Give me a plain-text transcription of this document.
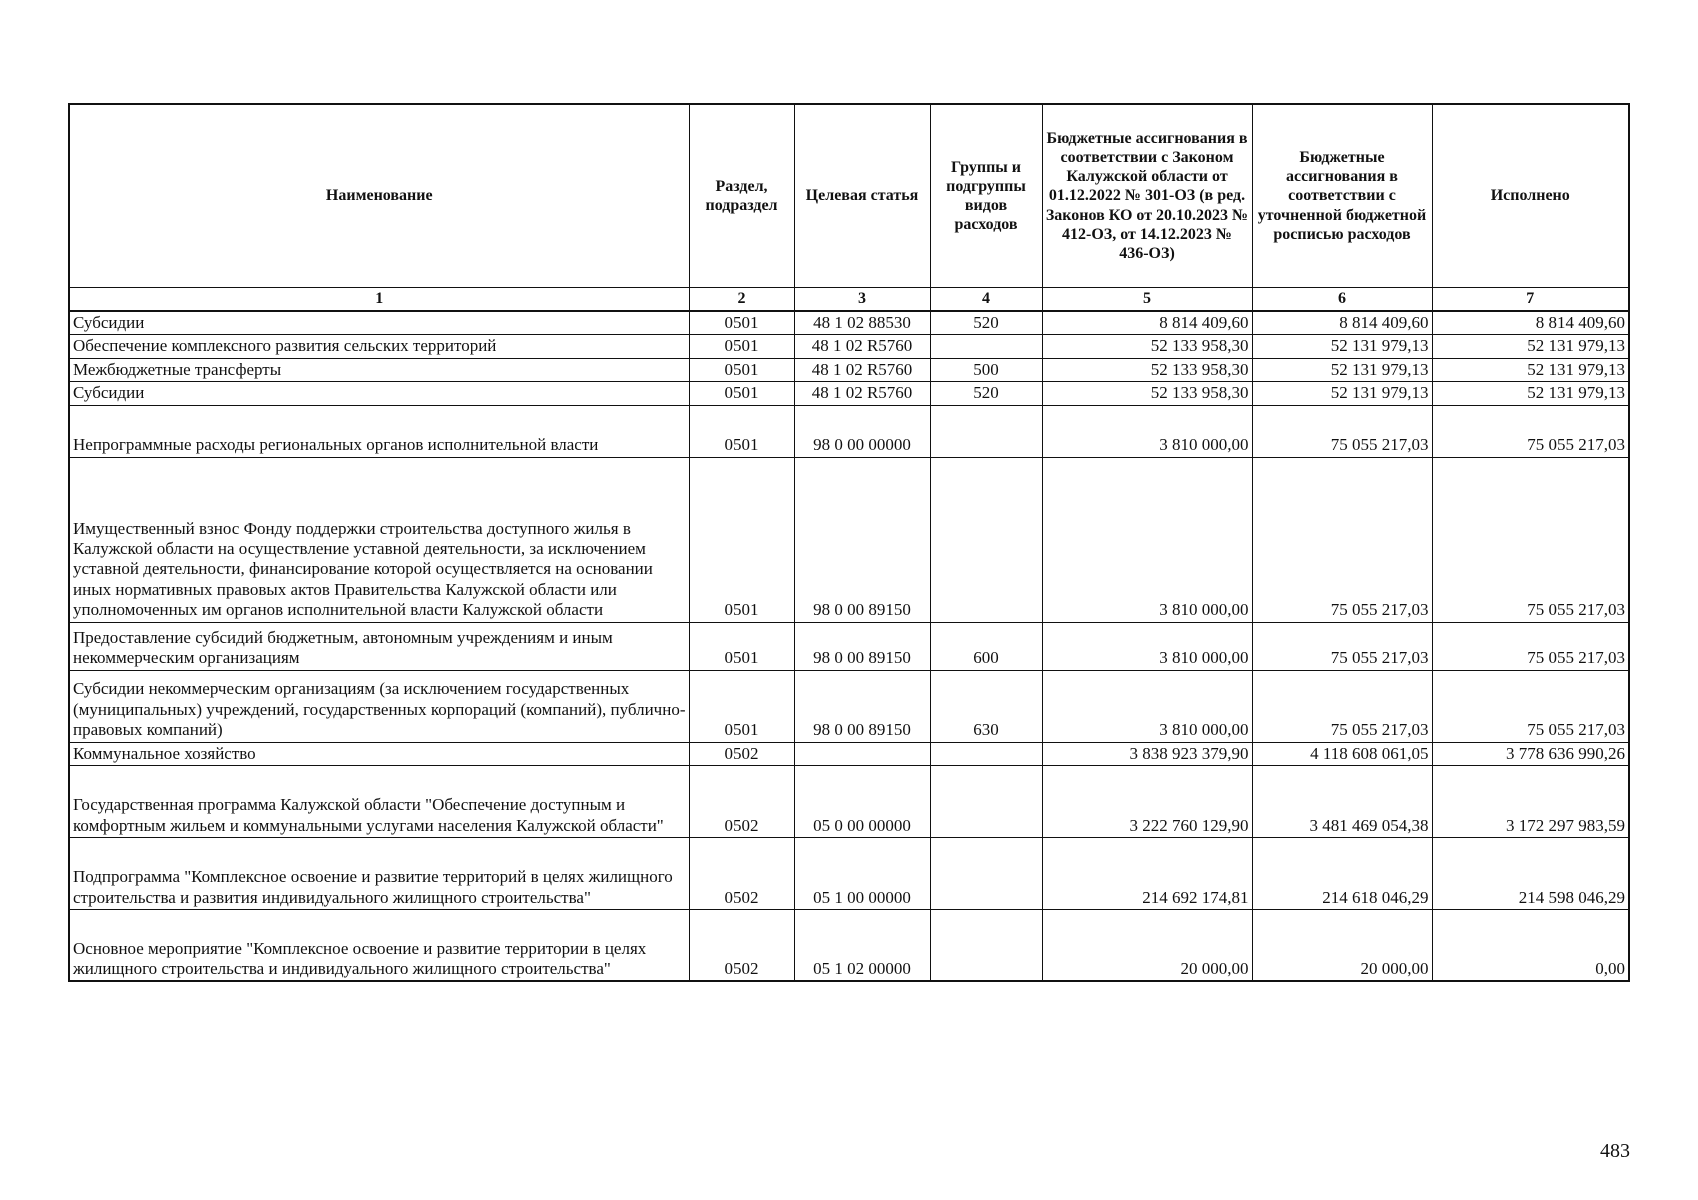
Наименование	Раздел, подраздел	Целевая статья	Группы и подгруппы видов расходов	Бюджетные ассигнования в соответствии с Законом Калужской области от 01.12.2022 № 301-ОЗ (в ред. Законов КО от 20.10.2023 № 412-ОЗ, от 14.12.2023 № 436-ОЗ)	Бюджетные ассигнования в соответствии с уточненной бюджетной росписью расходов	Исполнено
1	2	3	4	5	6	7
Субсидии	0501	48 1 02 88530	520	8 814 409,60	8 814 409,60	8 814 409,60
Обеспечение комплексного развития сельских территорий	0501	48 1 02 R5760		52 133 958,30	52 131 979,13	52 131 979,13
Межбюджетные трансферты	0501	48 1 02 R5760	500	52 133 958,30	52 131 979,13	52 131 979,13
Субсидии	0501	48 1 02 R5760	520	52 133 958,30	52 131 979,13	52 131 979,13
Непрограммные расходы региональных органов исполнительной власти	0501	98 0 00 00000		3 810 000,00	75 055 217,03	75 055 217,03
Имущественный взнос Фонду поддержки строительства доступного жилья в Калужской области на осуществление уставной деятельности, за исключением уставной деятельности, финансирование которой осуществляется на основании иных нормативных правовых актов Правительства Калужской области или уполномоченных им органов исполнительной власти Калужской области	0501	98 0 00 89150		3 810 000,00	75 055 217,03	75 055 217,03
Предоставление субсидий бюджетным, автономным учреждениям и иным некоммерческим организациям	0501	98 0 00 89150	600	3 810 000,00	75 055 217,03	75 055 217,03
Субсидии некоммерческим организациям (за исключением государственных (муниципальных) учреждений, государственных корпораций (компаний), публично-правовых компаний)	0501	98 0 00 89150	630	3 810 000,00	75 055 217,03	75 055 217,03
Коммунальное хозяйство	0502			3 838 923 379,90	4 118 608 061,05	3 778 636 990,26
Государственная программа Калужской области "Обеспечение доступным и комфортным жильем и коммунальными услугами населения Калужской области"	0502	05 0 00 00000		3 222 760 129,90	3 481 469 054,38	3 172 297 983,59
Подпрограмма "Комплексное освоение и развитие территорий в целях жилищного строительства и развития индивидуального жилищного строительства"	0502	05 1 00 00000		214 692 174,81	214 618 046,29	214 598 046,29
Основное мероприятие "Комплексное освоение и развитие территории в целях жилищного строительства и индивидуального жилищного строительства"	0502	05 1 02 00000		20 000,00	20 000,00	0,00
483
